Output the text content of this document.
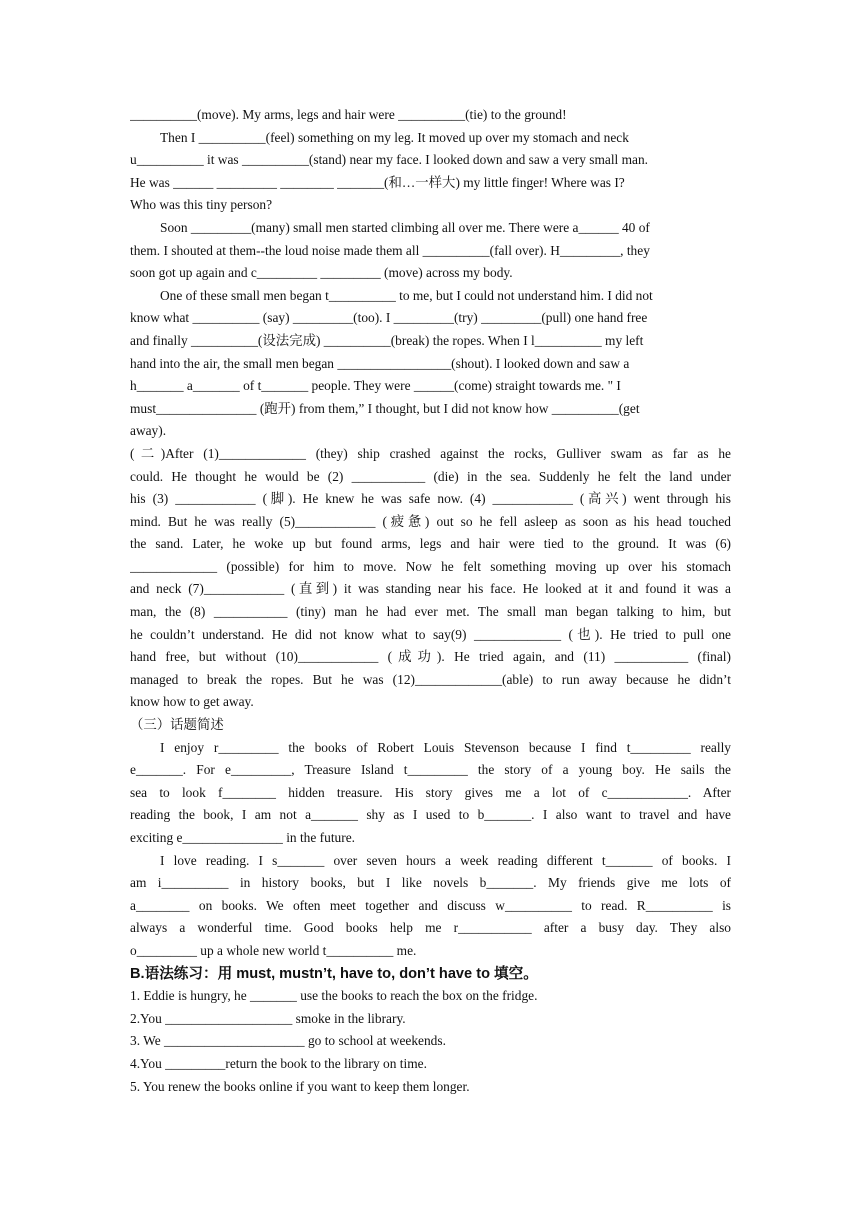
__________(move). My arms, legs and hair were __________(tie) to the ground!
Then I __________(feel) something on my leg. It moved up over my stomach and neck
u__________ it was __________(stand) near my face. I looked down and saw a very small man.
He was ______ _________ ________ _______(和…一样大) my little finger! Where was I?
Who was this tiny person?
Soon _________(many) small men started climbing all over me. There were a______ 40 of
them. I shouted at them--the loud noise made them all __________(fall over). H_________, they
soon got up again and c_________ _________ (move) across my body.
One of these small men began t__________ to me, but I could not understand him. I did not
know what __________ (say) _________(too). I _________(try) _________(pull) one hand free
and finally __________(设法完成) __________(break) the ropes. When I l__________ my left
hand into the air, the small men began _________________(shout). I looked down and saw a
h_______ a_______ of t_______ people. They were ______(come) straight towards me. " I
must_______________ (跑开) from them,” I thought, but I did not know how __________(get
away).
(二)After (1)_____________ (they) ship crashed against the rocks, Gulliver swam as far as he
could. He thought he would be (2) ___________ (die) in the sea. Suddenly he felt the land under
his (3) ____________ (脚). He knew he was safe now. (4) ____________ (高兴) went through his
mind. But he was really (5)____________ (疲惫) out so he fell asleep as soon as his head touched
the sand. Later, he woke up but found arms, legs and hair were tied to the ground. It was (6)
_____________ (possible) for him to move. Now he felt something moving up over his stomach
and neck (7)____________ (直到) it was standing near his face. He looked at it and found it was a
man, the (8) ___________ (tiny) man he had ever met. The small man began talking to him, but
he couldn’t understand. He did not know what to say(9) _____________ (也). He tried to pull one
hand free, but without (10)____________ (成功). He tried again, and (11) ___________ (final)
managed to break the ropes. But he was (12)_____________(able) to run away because he didn’t
know how to get away.
（三）话题简述
I enjoy r_________ the books of Robert Louis Stevenson because I find t_________ really
e_______. For e_________, Treasure Island t_________ the story of a young boy. He sails the
sea to look f________ hidden treasure. His story gives me a lot of c____________. After
reading the book, I am not a_______ shy as I used to b_______. I also want to travel and have
exciting e_______________ in the future.
I love reading. I s_______ over seven hours a week reading different t_______ of books. I
am i__________ in history books, but I like novels b_______. My friends give me lots of
a________ on books. We often meet together and discuss w__________ to read. R__________ is
always a wonderful time. Good books help me r___________ after a busy day. They also
o_________ up a whole new world t__________ me.
B.语法练习：用 must, mustn’t, have to, don’t have to 填空。
1. Eddie is hungry, he _______ use the books to reach the box on the fridge.
2.You ___________________ smoke in the library.
3. We _____________________ go to school at weekends.
4.You _________return the book to the library on time.
5. You renew the books online if you want to keep them longer.
